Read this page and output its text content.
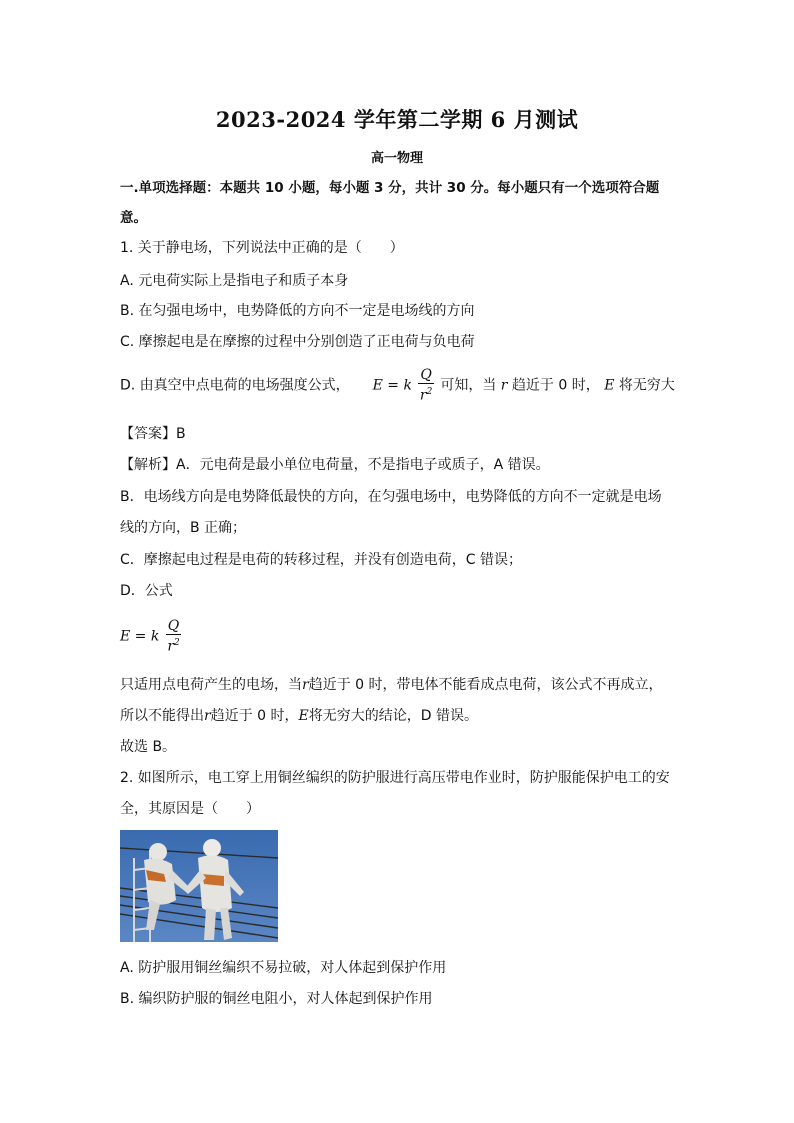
2023-2024 学年第二学期 6 月测试
高一物理
一.单项选择题：本题共 10 小题，每小题 3 分，共计 30 分。每小题只有一个选项符合题
意。
1. 关于静电场，下列说法中正确的是（　　）
A. 元电荷实际上是指电子和质子本身
B. 在匀强电场中，电势降低的方向不一定是电场线的方向
C. 摩擦起电是在摩擦的过程中分别创造了正电荷与负电荷
D. 由真空中点电荷的电场强度公式， E = k $\frac{Q}{r^2}$ 可知，当 r 趋近于 0 时， E 将无穷大
【答案】B
【解析】A．元电荷是最小单位电荷量，不是指电子或质子，A 错误。
B．电场线方向是电势降低最快的方向，在匀强电场中，电势降低的方向不一定就是电场
线的方向，B 正确；
C．摩擦起电过程是电荷的转移过程，并没有创造电荷，C 错误；
D．公式
E = k $\frac{Q}{r^2}$
只适用点电荷产生的电场，当r趋近于 0 时，带电体不能看成点电荷，该公式不再成立，
所以不能得出r趋近于 0 时，E将无穷大的结论，D 错误。
故选 B。
2. 如图所示，电工穿上用铜丝编织的防护服进行高压带电作业时，防护服能保护电工的安
全，其原因是（　　）
A. 防护服用铜丝编织不易拉破，对人体起到保护作用
B. 编织防护服的铜丝电阻小，对人体起到保护作用
